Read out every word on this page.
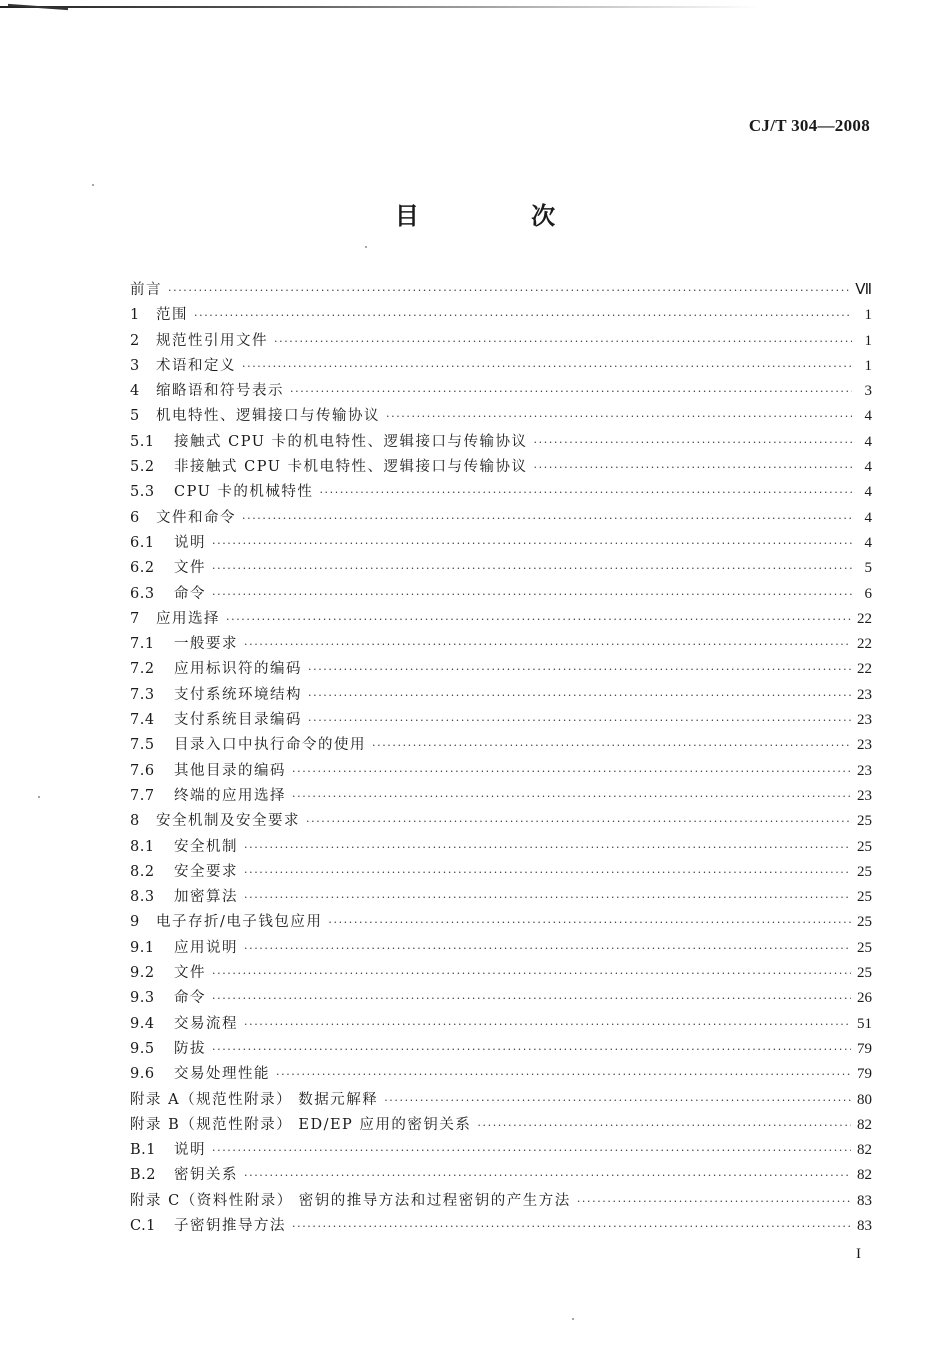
CJ/T 304—2008
目 次
前言 ·····	Ⅶ
1	范围 ·····	1
2	规范性引用文件 ·····	1
3	术语和定义 ·····	1
4	缩略语和符号表示 ·····	3
5	机电特性、逻辑接口与传输协议 ·····	4
5.1	接触式 CPU 卡的机电特性、逻辑接口与传输协议 ·····	4
5.2	非接触式 CPU 卡机电特性、逻辑接口与传输协议 ·····	4
5.3	CPU 卡的机械特性 ·····	4
6	文件和命令 ·····	4
6.1	说明 ·····	4
6.2	文件 ·····	5
6.3	命令 ·····	6
7	应用选择 ·····	22
7.1	一般要求 ·····	22
7.2	应用标识符的编码 ·····	22
7.3	支付系统环境结构 ·····	23
7.4	支付系统目录编码 ·····	23
7.5	目录入口中执行命令的使用 ·····	23
7.6	其他目录的编码 ·····	23
7.7	终端的应用选择 ·····	23
8	安全机制及安全要求 ·····	25
8.1	安全机制 ·····	25
8.2	安全要求 ·····	25
8.3	加密算法 ·····	25
9	电子存折/电子钱包应用 ·····	25
9.1	应用说明 ·····	25
9.2	文件 ·····	25
9.3	命令 ·····	26
9.4	交易流程 ·····	51
9.5	防拔 ·····	79
9.6	交易处理性能 ·····	79
附录 A（规范性附录） 数据元解释 ·····	80
附录 B（规范性附录） ED/EP 应用的密钥关系 ·····	82
B.1	说明 ·····	82
B.2	密钥关系 ·····	82
附录 C（资料性附录） 密钥的推导方法和过程密钥的产生方法 ·····	83
C.1	子密钥推导方法 ·····	83
I
